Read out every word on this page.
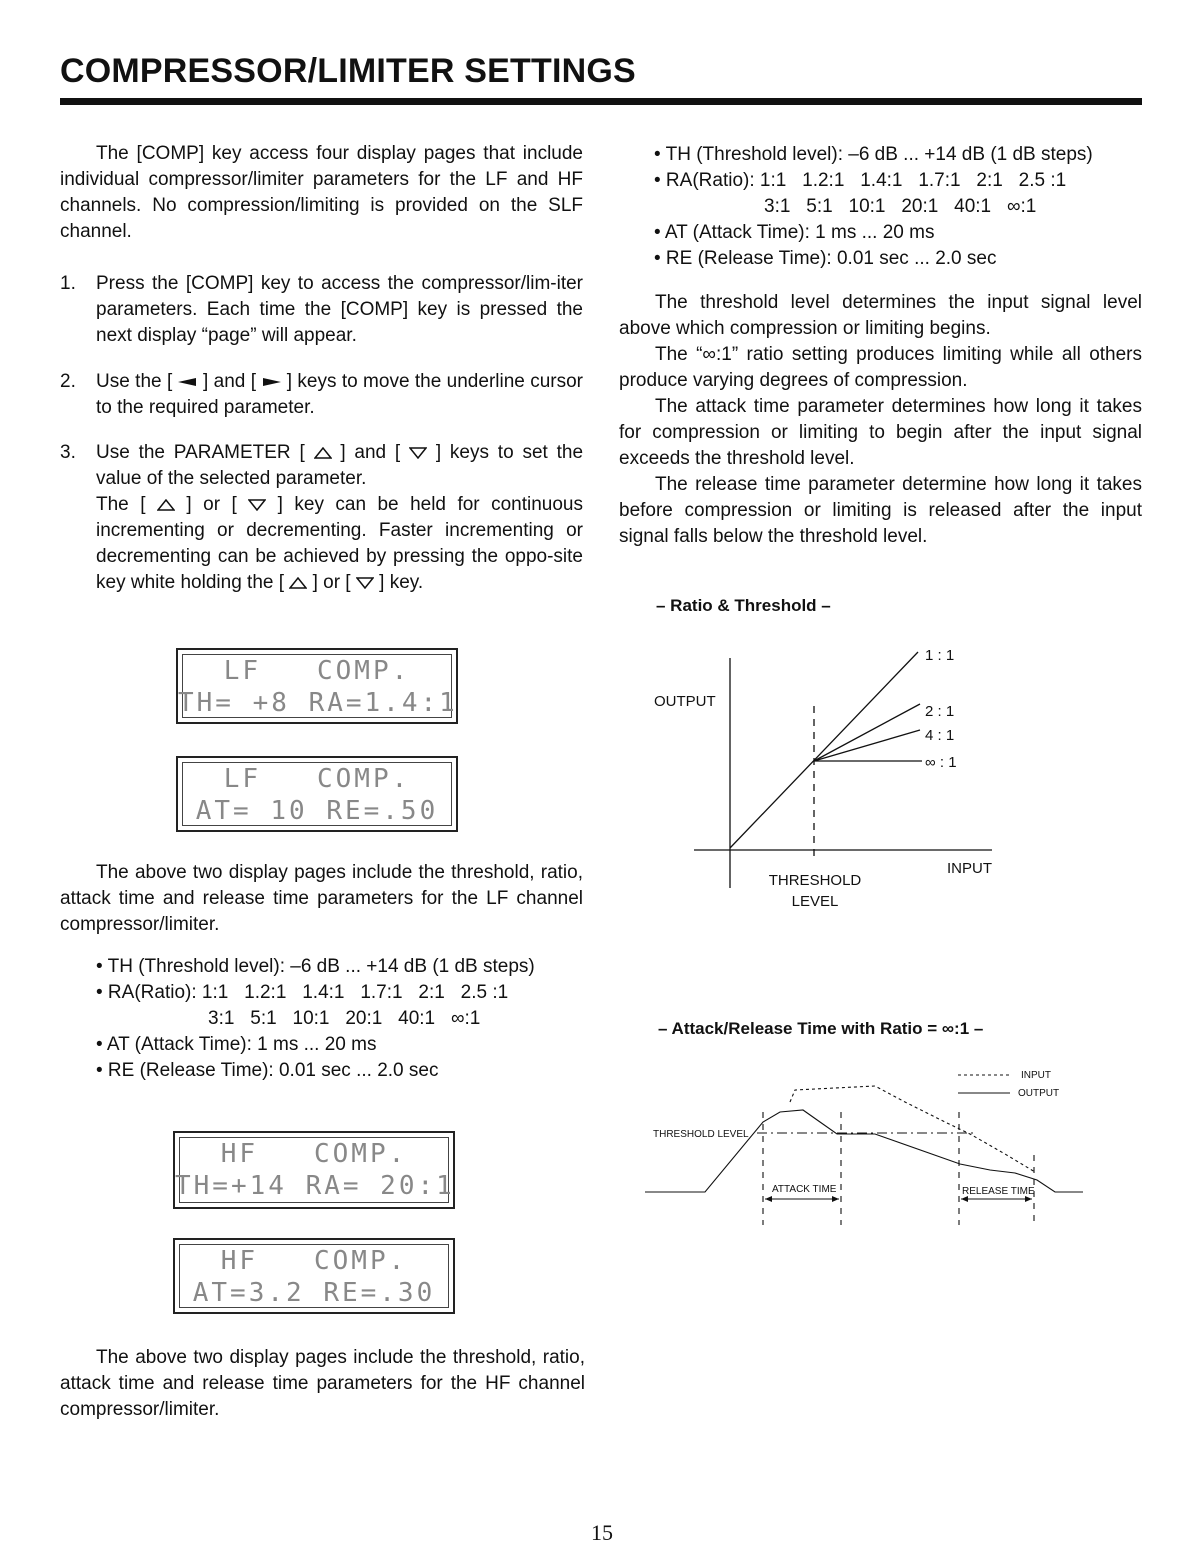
COMPRESSOR/LIMITER SETTINGS

The [COMP] key access four display pages that include individual compressor/limiter parameters for the LF and HF channels. No compression/limiting is provided on the SLF channel.

1. Press the [COMP] key to access the compressor/lim-iter parameters. Each time the [COMP] key is pressed the next display “page” will appear.

2. Use the [ ] and [ ] keys to move the underline cursor to the required parameter.

3. Use the PARAMETER [ ] and [ ] keys to set the value of the selected parameter.

The [ ] or [ ] key can be held for continuous incrementing or decrementing. Faster incrementing or decrementing can be achieved by pressing the oppo-site key white holding the [ ] or [ ] key.

LF   COMP.
TH= +8 RA=1.4:1
LF   COMP.
AT= 10 RE=.50

The above two display pages include the threshold, ratio, attack time and release time parameters for the LF channel compressor/limiter.

• TH (Threshold level): –6 dB ... +14 dB (1 dB steps)
• RA(Ratio): 1:1   1.2:1   1.4:1   1.7:1   2:1   2.5 :1
3:1   5:1   10:1   20:1   40:1   ∞:1
• AT (Attack Time): 1 ms ... 20 ms
• RE (Release Time): 0.01 sec ... 2.0 sec
HF   COMP.
TH=+14 RA= 20:1
HF   COMP.
AT=3.2 RE=.30

The above two display pages include the threshold, ratio, attack time and release time parameters for the HF channel compressor/limiter.

• TH (Threshold level): –6 dB ... +14 dB (1 dB steps)
• RA(Ratio): 1:1   1.2:1   1.4:1   1.7:1   2:1   2.5 :1
3:1   5:1   10:1   20:1   40:1   ∞:1
• AT (Attack Time): 1 ms ... 20 ms
• RE (Release Time): 0.01 sec ... 2.0 sec

The threshold level determines the input signal level above which compression or limiting begins.

The “∞:1” ratio setting produces limiting while all others produce varying degrees of compression.

The attack time parameter determines how long it takes for compression or limiting to begin after the input signal exceeds the threshold level.

The release time parameter determine how long it takes before compression or limiting is released after the input signal falls below the threshold level.

– Ratio & Threshold –
OUTPUT
INPUT
THRESHOLD
LEVEL
1 : 1
2 : 1
4 : 1
∞ : 1
– Attack/Release Time with Ratio = ∞:1 –
INPUT
OUTPUT
THRESHOLD LEVEL
ATTACK TIME	RELEASE TIME
15
